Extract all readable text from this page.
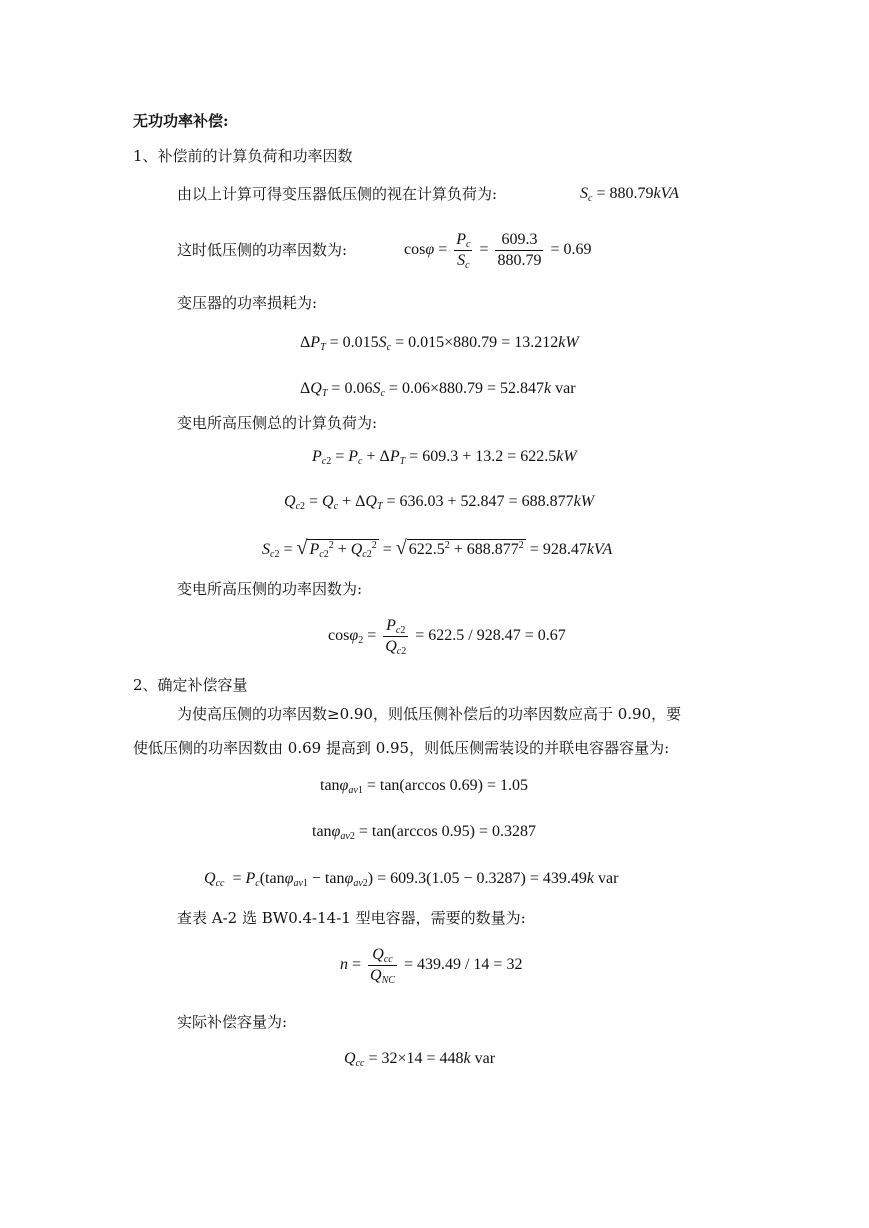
无功功率补偿:
1、补偿前的计算负荷和功率因数
由以上计算可得变压器低压侧的视在计算负荷为:	$S_c = 880.79kVA$
这时低压侧的功率因数为:	$\cos\varphi = \frac{P_c}{S_c} = \frac{609.3}{880.79} = 0.69$
变压器的功率损耗为:
$\Delta P_T = 0.015S_c = 0.015\times 880.79 = 13.212kW$
$\Delta Q_T = 0.06S_c = 0.06\times 880.79 = 52.847k$ var
变电所高压侧总的计算负荷为:
$P_{c2} = P_c + \Delta P_T = 609.3 + 13.2 = 622.5kW$
$Q_{c2} = Q_c + \Delta Q_T = 636.03 + 52.847 = 688.877kW$
$S_{c2}$ = √ $P_{c2}^2 + Q_{c2}^2$ = √ $622.5^2 + 688.877^2 = 928.47kVA$
变电所高压侧的功率因数为:
$\cos\varphi_2 = \frac{P_{c2}}{Q_{c2}} = 622.5 / 928.47 = 0.67$
2、确定补偿容量
为使高压侧的功率因数≥0.90，则低压侧补偿后的功率因数应高于 0.90，要
使低压侧的功率因数由 0.69 提高到 0.95，则低压侧需装设的并联电容器容量为:
tanφ$_{av1}$ = tan(arccos 0.69) = 1.05
tanφ$_{av2}$ = tan(arccos 0.95) = 0.3287
$Q_{cc} = P_c(\tan\varphi_{av1} - \tan\varphi_{av2}) = 609.3(1.05 - 0.3287) = 439.49k$ var
查表 A-2 选 BW0.4-14-1 型电容器，需要的数量为:
$n = \frac{Q_{cc}}{Q_{NC}} = 439.49 / 14 = 32$
实际补偿容量为:
$Q_{cc} = 32\times 14 = 448k$ var
